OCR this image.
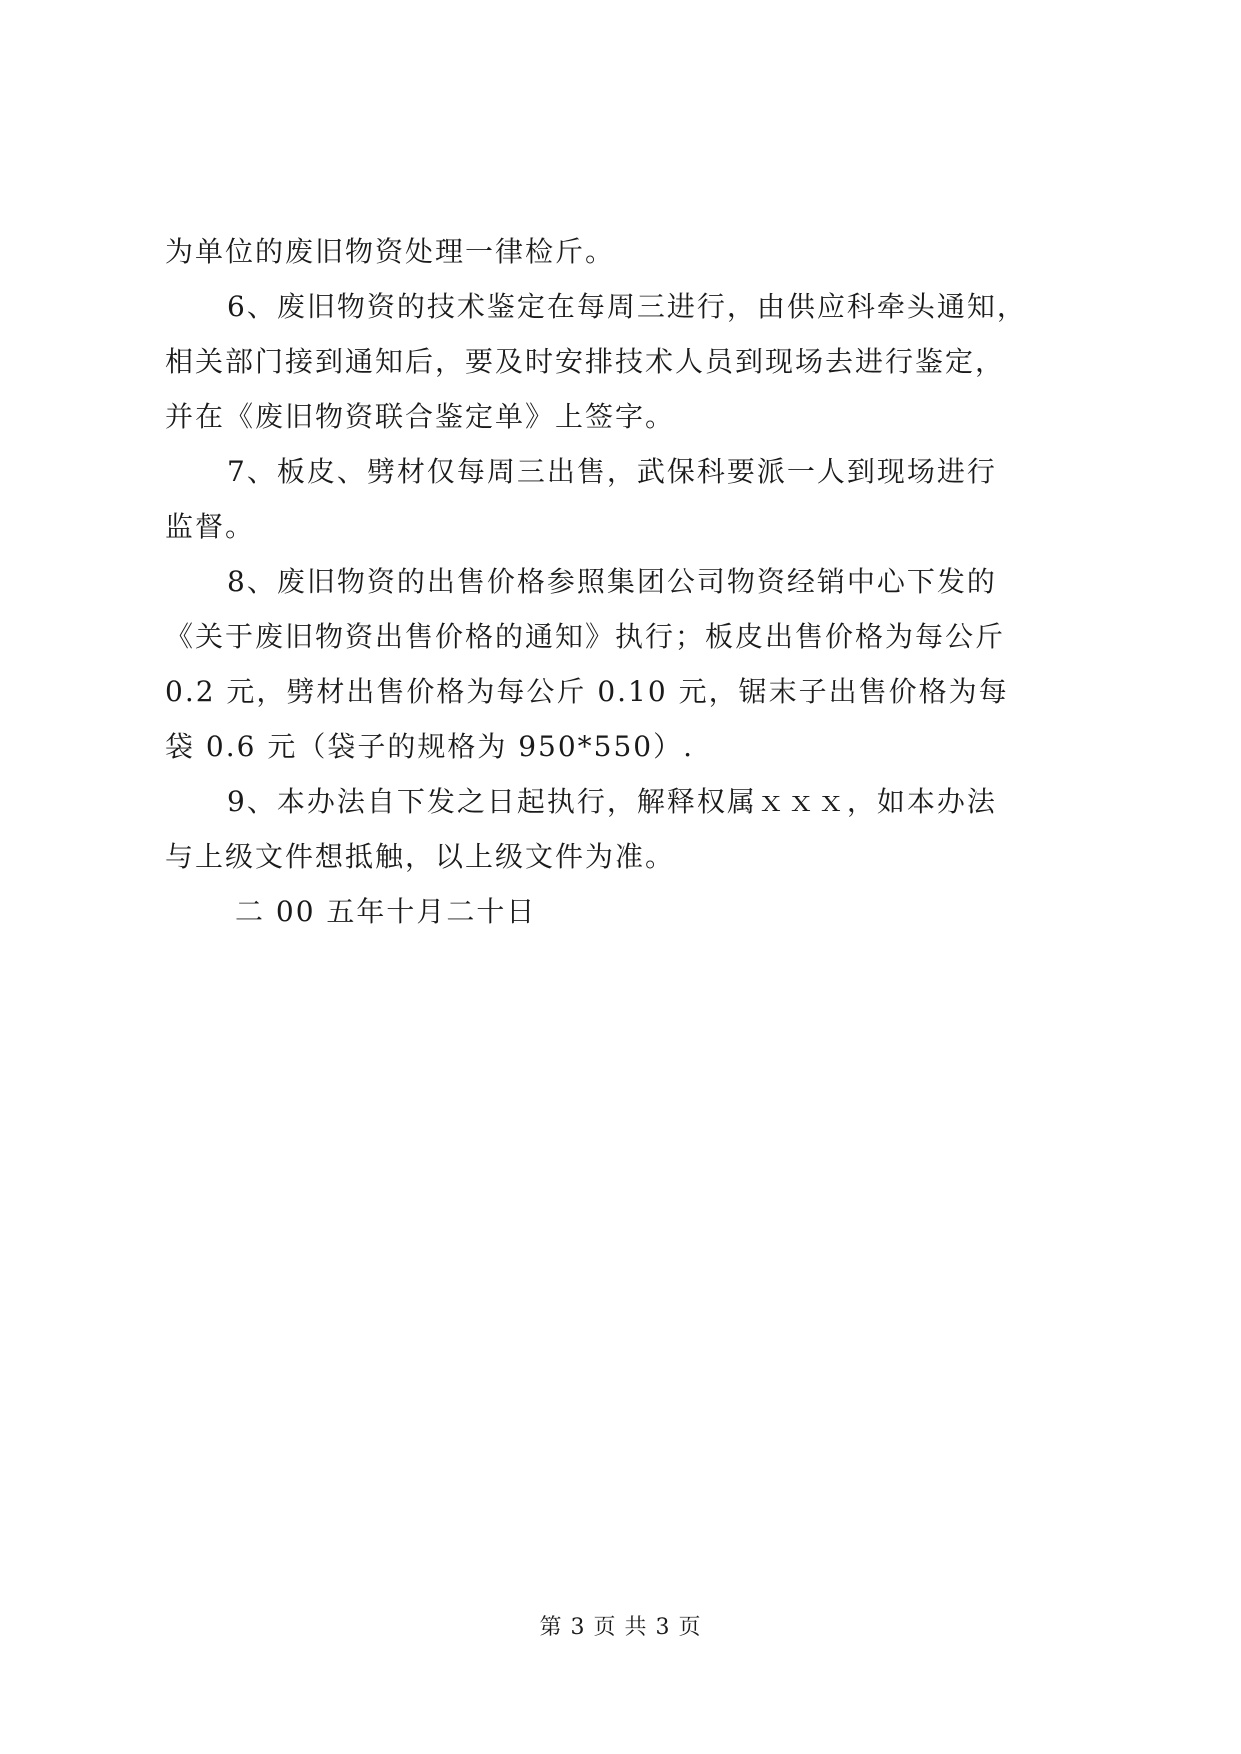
为单位的废旧物资处理一律检斤。
6、废旧物资的技术鉴定在每周三进行，由供应科牵头通知，
相关部门接到通知后，要及时安排技术人员到现场去进行鉴定，
并在《废旧物资联合鉴定单》上签字。
7、板皮、劈材仅每周三出售，武保科要派一人到现场进行
监督。
8、废旧物资的出售价格参照集团公司物资经销中心下发的
《关于废旧物资出售价格的通知》执行；板皮出售价格为每公斤
0.2 元，劈材出售价格为每公斤 0.10 元，锯末子出售价格为每
袋 0.6 元（袋子的规格为 950*550）.
9、本办法自下发之日起执行，解释权属ｘｘｘ，如本办法
与上级文件想抵触，以上级文件为准。
二 00 五年十月二十日
第 3 页 共 3 页
